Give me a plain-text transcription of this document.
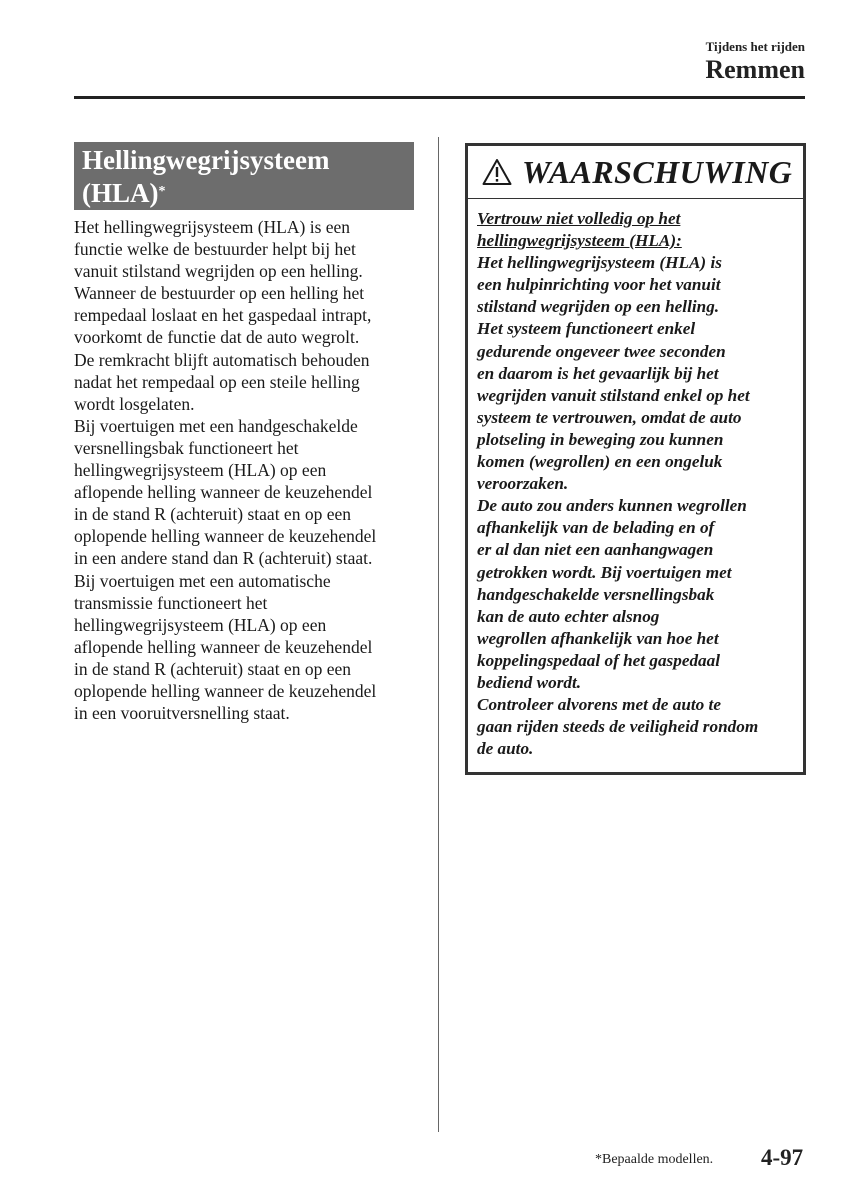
Tijdens het rijden
Remmen
Hellingwegrijsysteem
(HLA)*
Het hellingwegrijsysteem (HLA) is een
functie welke de bestuurder helpt bij het
vanuit stilstand wegrijden op een helling.
Wanneer de bestuurder op een helling het
rempedaal loslaat en het gaspedaal intrapt,
voorkomt de functie dat de auto wegrolt.
De remkracht blijft automatisch behouden
nadat het rempedaal op een steile helling
wordt losgelaten.
Bij voertuigen met een handgeschakelde
versnellingsbak functioneert het
hellingwegrijsysteem (HLA) op een
aflopende helling wanneer de keuzehendel
in de stand R (achteruit) staat en op een
oplopende helling wanneer de keuzehendel
in een andere stand dan R (achteruit) staat.
Bij voertuigen met een automatische
transmissie functioneert het
hellingwegrijsysteem (HLA) op een
aflopende helling wanneer de keuzehendel
in de stand R (achteruit) staat en op een
oplopende helling wanneer de keuzehendel
in een vooruitversnelling staat.
WAARSCHUWING
Vertrouw niet volledig op het
hellingwegrijsysteem (HLA):
Het hellingwegrijsysteem (HLA) is
een hulpinrichting voor het vanuit
stilstand wegrijden op een helling.
Het systeem functioneert enkel
gedurende ongeveer twee seconden
en daarom is het gevaarlijk bij het
wegrijden vanuit stilstand enkel op het
systeem te vertrouwen, omdat de auto
plotseling in beweging zou kunnen
komen (wegrollen) en een ongeluk
veroorzaken.
De auto zou anders kunnen wegrollen
afhankelijk van de belading en of
er al dan niet een aanhangwagen
getrokken wordt. Bij voertuigen met
handgeschakelde versnellingsbak
kan de auto echter alsnog
wegrollen afhankelijk van hoe het
koppelingspedaal of het gaspedaal
bediend wordt.
Controleer alvorens met de auto te
gaan rijden steeds de veiligheid rondom
de auto.
*Bepaalde modellen. 4-97
